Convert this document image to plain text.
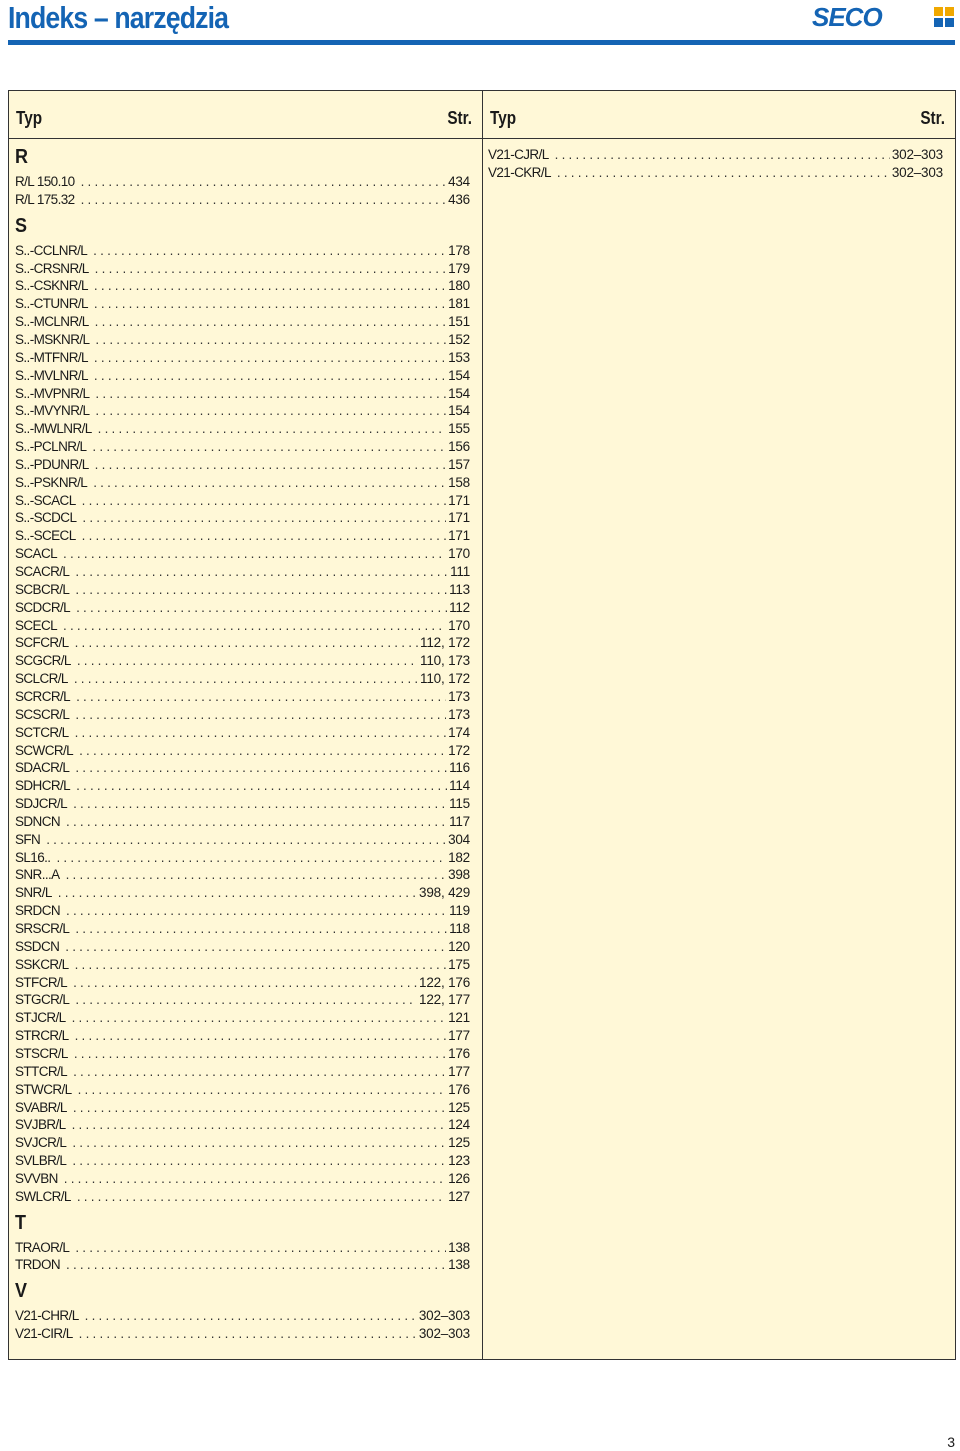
Indeks – narzędzia	SECO
Typ	Str. Typ	Str.
R
R/L 150.10 .....	434
R/L 175.32 .....	436
S
S..-CCLNR/L .....	178
S..-CRSNR/L .....	179
S..-CSKNR/L .....	180
S..-CTUNR/L .....	181
S..-MCLNR/L .....	151
S..-MSKNR/L .....	152
S..-MTFNR/L .....	153
S..-MVLNR/L .....	154
S..-MVPNR/L .....	154
S..-MVYNR/L .....	154
S..-MWLNR/L .....	155
S..-PCLNR/L .....	156
S..-PDUNR/L .....	157
S..-PSKNR/L .....	158
S..-SCACL .....	171
S..-SCDCL .....	171
S..-SCECL .....	171
SCACL .....	170
SCACR/L .....	111
SCBCR/L .....	113
SCDCR/L .....	112
SCECL .....	170
SCFCR/L .....	112, 172
SCGCR/L .....	110, 173
SCLCR/L .....	110, 172
SCRCR/L .....	173
SCSCR/L .....	173
SCTCR/L .....	174
SCWCR/L .....	172
SDACR/L .....	116
SDHCR/L .....	114
SDJCR/L .....	115
SDNCN .....	117
SFN .....	304
SL16.. .....	182
SNR...A .....	398
SNR/L .....	398, 429
SRDCN .....	119
SRSCR/L .....	118
SSDCN .....	120
SSKCR/L .....	175
STFCR/L .....	122, 176
STGCR/L .....	122, 177
STJCR/L .....	121
STRCR/L .....	177
STSCR/L .....	176
STTCR/L .....	177
STWCR/L .....	176
SVABR/L .....	125
SVJBR/L .....	124
SVJCR/L .....	125
SVLBR/L .....	123
SVVBN .....	126
SWLCR/L .....	127
T
TRAOR/L .....	138
TRDON .....	138
V
V21-CHR/L .....	302–303
V21-CIR/L .....	302–303
V21-CJR/L .....	302–303
V21-CKR/L .....	302–303
3
